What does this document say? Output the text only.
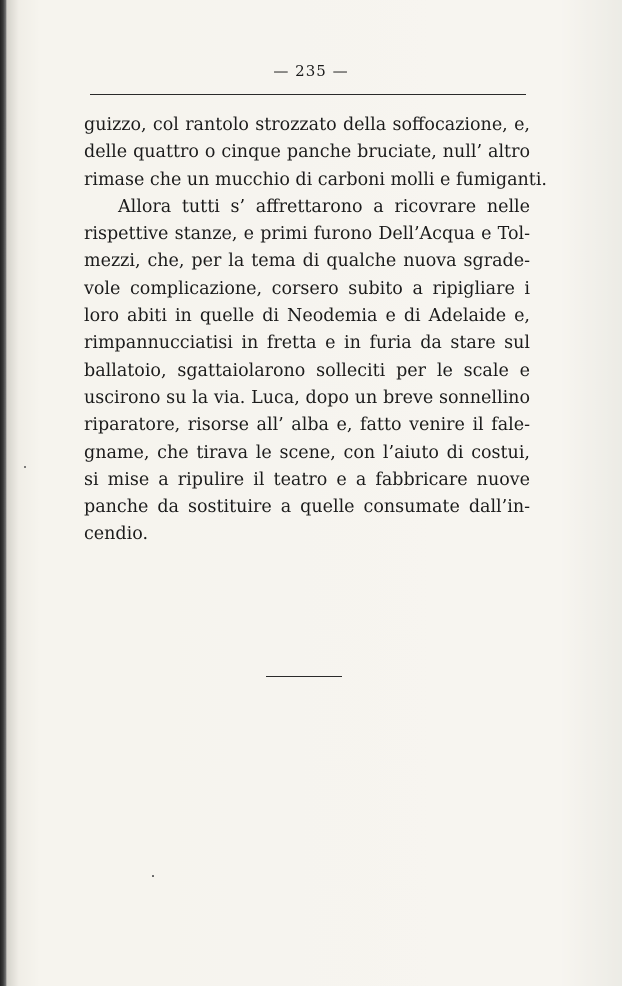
— 235 —
guizzo, col rantolo strozzato della soffocazione, e,
delle quattro o cinque panche bruciate, null’ altro
rimase che un mucchio di carboni molli e fumiganti.
Allora tutti s’ affrettarono a ricovrare nelle
rispettive stanze, e primi furono Dell’Acqua e Tol-
mezzi, che, per la tema di qualche nuova sgrade-
vole complicazione, corsero subito a ripigliare i
loro abiti in quelle di Neodemia e di Adelaide e,
rimpannucciatisi in fretta e in furia da stare sul
ballatoio, sgattaiolarono solleciti per le scale e
uscirono su la via. Luca, dopo un breve sonnellino
riparatore, risorse all’ alba e, fatto venire il fale-
gname, che tirava le scene, con l’aiuto di costui,
si mise a ripulire il teatro e a fabbricare nuove
panche da sostituire a quelle consumate dall’in-
cendio.
